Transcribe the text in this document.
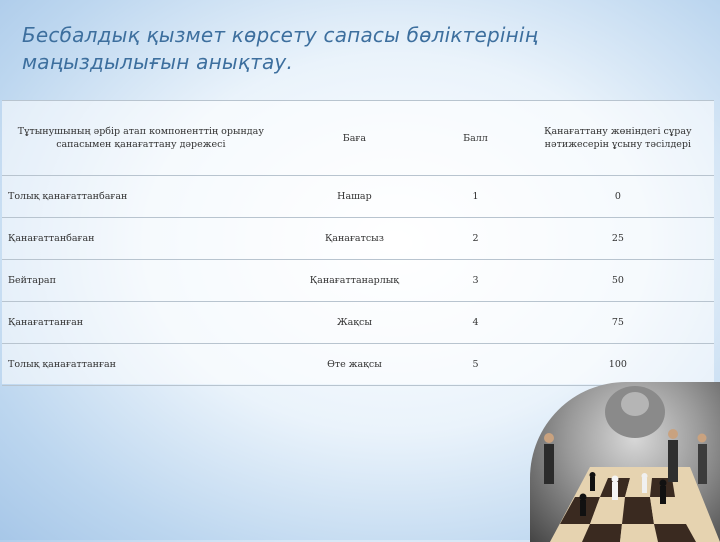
Бесбалдық қызмет көрсету сапасы бөліктерінің маңыздылығын анықтау.
Тұтынушының әрбір атап компоненттің орындау сапасымен қанағаттану дәрежесі	Баға	Балл	Қанағаттану жөніндегі сұрау нәтижесерін ұсыну тәсілдері
Толық қанағаттанбаған	Нашар	1	0
Қанағаттанбаған	Қанағатсыз	2	25
Бейтарап	Қанағаттанарлық	3	50
Қанағаттанған	Жақсы	4	75
Толық қанағаттанған	Өте жақсы	5	100
